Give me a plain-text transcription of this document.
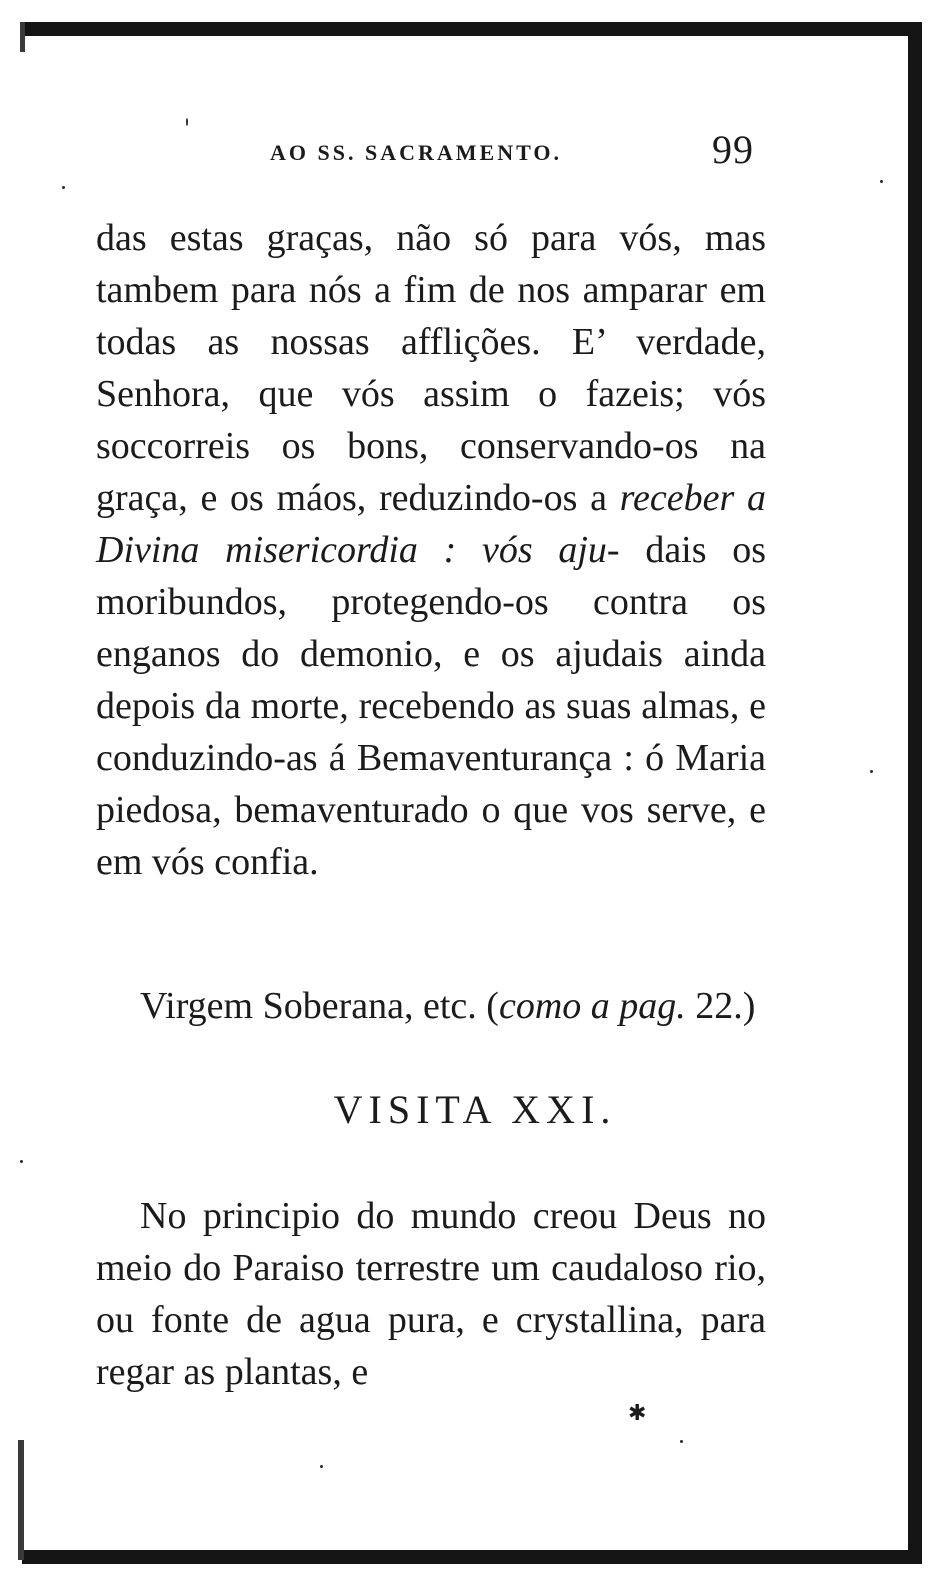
AO SS. SACRAMENTO.	99

das estas graças, não só para vós, mas tambem para nós a fim de nos amparar em todas as nossas afflições. E’ verdade, Senhora, que vós assim o fazeis; vós soccorreis os bons, conservando-os na graça, e os máos, reduzindo-os a receber a Divina misericordia : vós aju- dais os moribundos, protegendo-os contra os enganos do demonio, e os ajudais ainda depois da morte, recebendo as suas almas, e conduzindo-as á Bemaventurança : ó Maria piedosa, bemaventurado o que vos serve, e em vós confia.

Virgem Soberana, etc. (como a pag. 22.)

VISITA XXI.

No principio do mundo creou Deus no meio do Paraiso terrestre um caudaloso rio, ou fonte de agua pura, e crystallina, para regar as plantas, e

✱
